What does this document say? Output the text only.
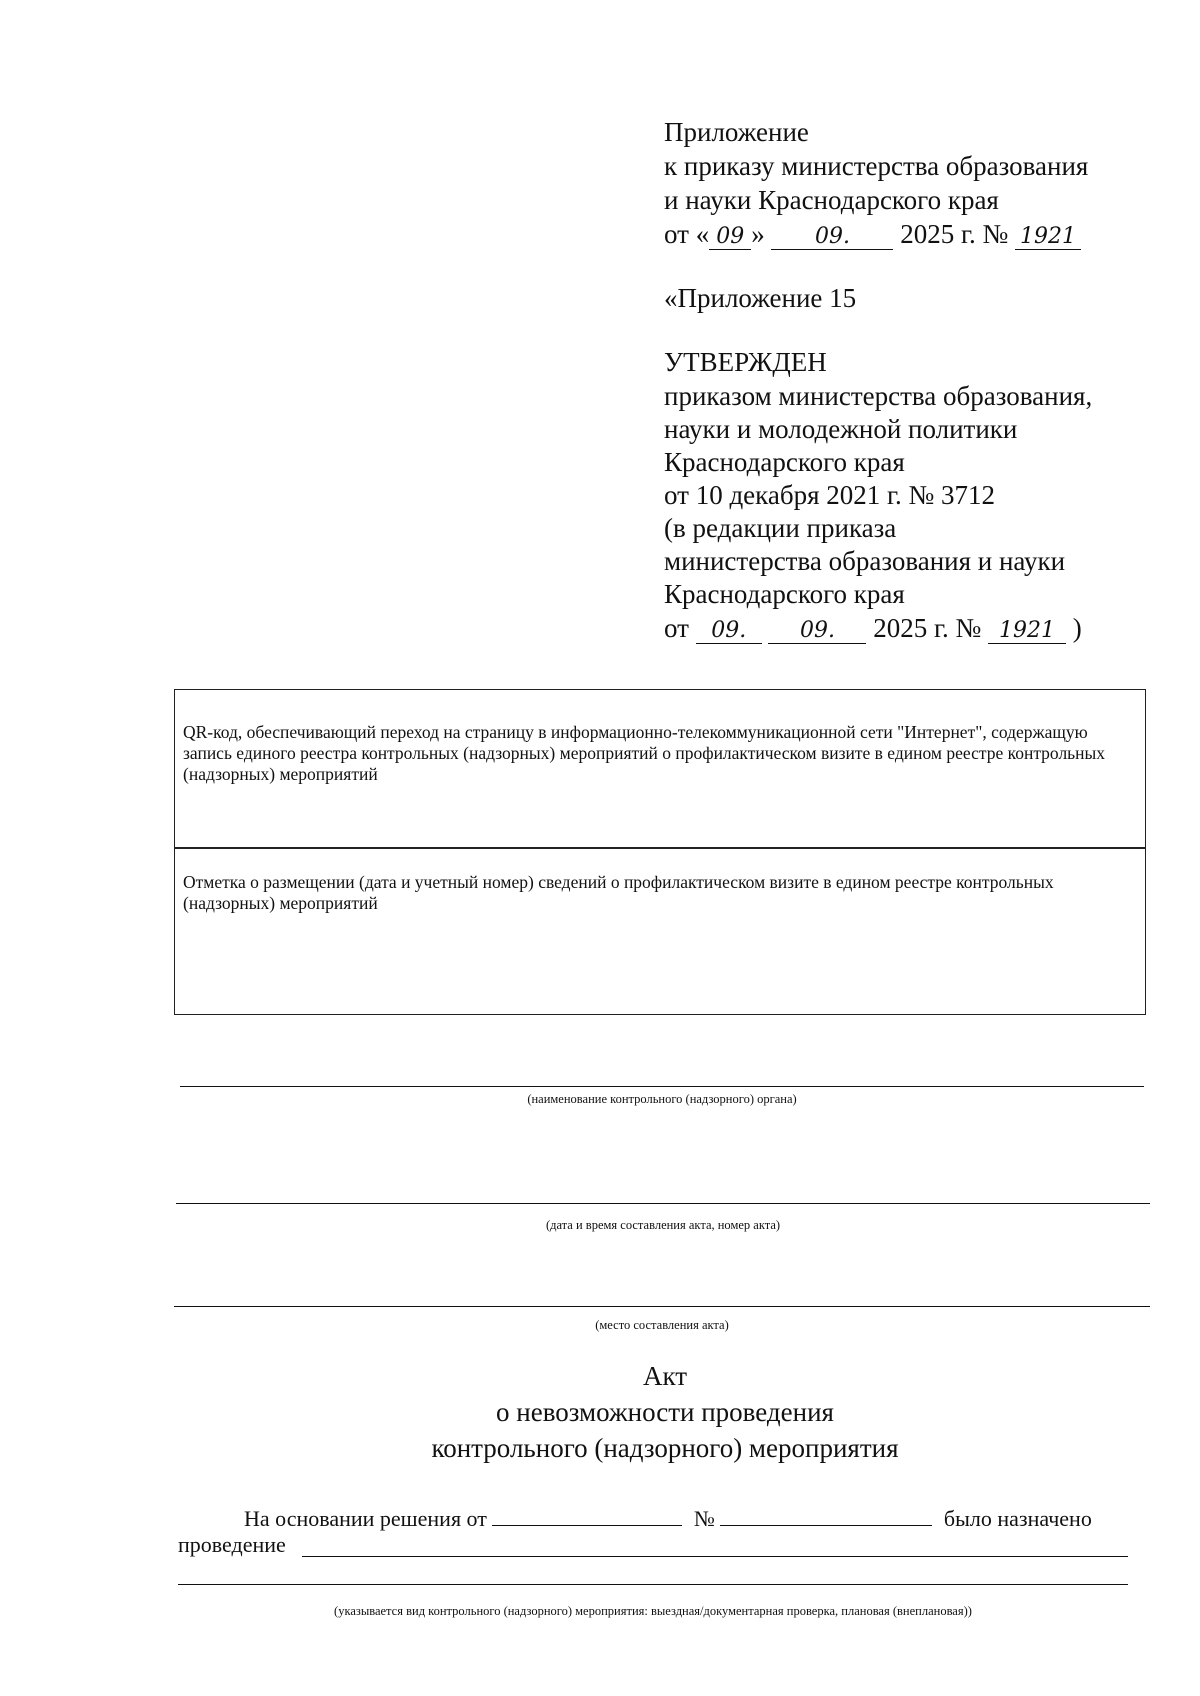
Приложение
к приказу министерства образования
и науки Краснодарского края
от « 09 » 09. 2025 г. № 1921
«Приложение 15
УТВЕРЖДЕН
приказом министерства образования,
науки и молодежной политики
Краснодарского края
от 10 декабря 2021 г. № 3712
(в редакции приказа
министерства образования и науки
Краснодарского края
от 09. 09. 2025 г. № 1921 )
QR-код, обеспечивающий переход на страницу в информационно-телекоммуникационной сети "Интернет", содержащую запись единого реестра контрольных (надзорных) мероприятий о профилактическом визите в едином реестре контрольных (надзорных) мероприятий
Отметка о размещении (дата и учетный номер) сведений о профилактическом визите в едином реестре контрольных (надзорных) мероприятий
(наименование контрольного (надзорного) органа)
(дата и время составления акта, номер акта)
(место составления акта)
Акт
о невозможности проведения
контрольного (надзорного) мероприятия
На основании решения от	№	было назначено
проведение
(указывается вид контрольного (надзорного) мероприятия: выездная/документарная проверка, плановая (внеплановая))
